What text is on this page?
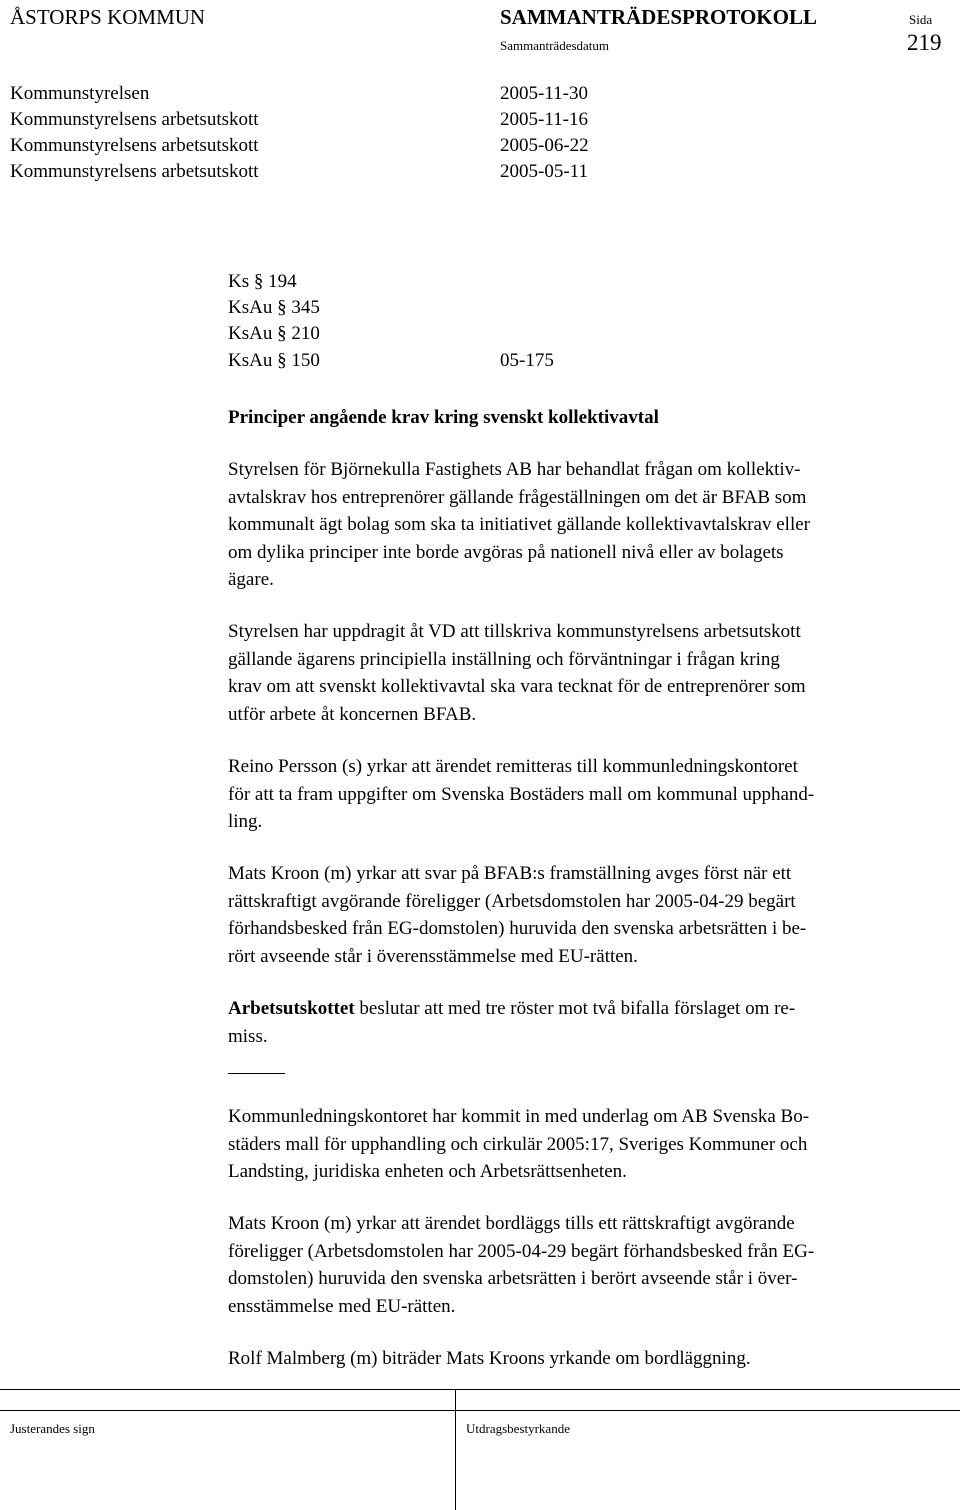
ÅSTORPS KOMMUN	SAMMANTRÄDESPROTOKOLL	Sida
Sammanträdesdatum	219
Kommunstyrelsen	2005-11-30
Kommunstyrelsens arbetsutskott	2005-11-16
Kommunstyrelsens arbetsutskott	2005-06-22
Kommunstyrelsens arbetsutskott	2005-05-11
Ks § 194
KsAu § 345
KsAu § 210
KsAu § 150	05-175
Principer angående krav kring svenskt kollektivavtal
Styrelsen för Björnekulla Fastighets AB har behandlat frågan om kollektiv-
avtalskrav hos entreprenörer gällande frågeställningen om det är BFAB som
kommunalt ägt bolag som ska ta initiativet gällande kollektivavtalskrav eller
om dylika principer inte borde avgöras på nationell nivå eller av bolagets
ägare.
Styrelsen har uppdragit åt VD att tillskriva kommunstyrelsens arbetsutskott
gällande ägarens principiella inställning och förväntningar i frågan kring
krav om att svenskt kollektivavtal ska vara tecknat för de entreprenörer som
utför arbete åt koncernen BFAB.
Reino Persson (s) yrkar att ärendet remitteras till kommunledningskontoret
för att ta fram uppgifter om Svenska Bostäders mall om kommunal upphand-
ling.
Mats Kroon (m) yrkar att svar på BFAB:s framställning avges först när ett
rättskraftigt avgörande föreligger (Arbetsdomstolen har 2005-04-29 begärt
förhandsbesked från EG-domstolen) huruvida den svenska arbetsrätten i be-
rört avseende står i överensstämmelse med EU-rätten.
Arbetsutskottet beslutar att med tre röster mot två bifalla förslaget om re-
miss.
Kommunledningskontoret har kommit in med underlag om AB Svenska Bo-
städers mall för upphandling och cirkulär 2005:17, Sveriges Kommuner och
Landsting, juridiska enheten och Arbetsrättsenheten.
Mats Kroon (m) yrkar att ärendet bordläggs tills ett rättskraftigt avgörande
föreligger (Arbetsdomstolen har 2005-04-29 begärt förhandsbesked från EG-
domstolen) huruvida den svenska arbetsrätten i berört avseende står i över-
ensstämmelse med EU-rätten.
Rolf Malmberg (m) biträder Mats Kroons yrkande om bordläggning.
Justerandes sign	Utdragsbestyrkande
